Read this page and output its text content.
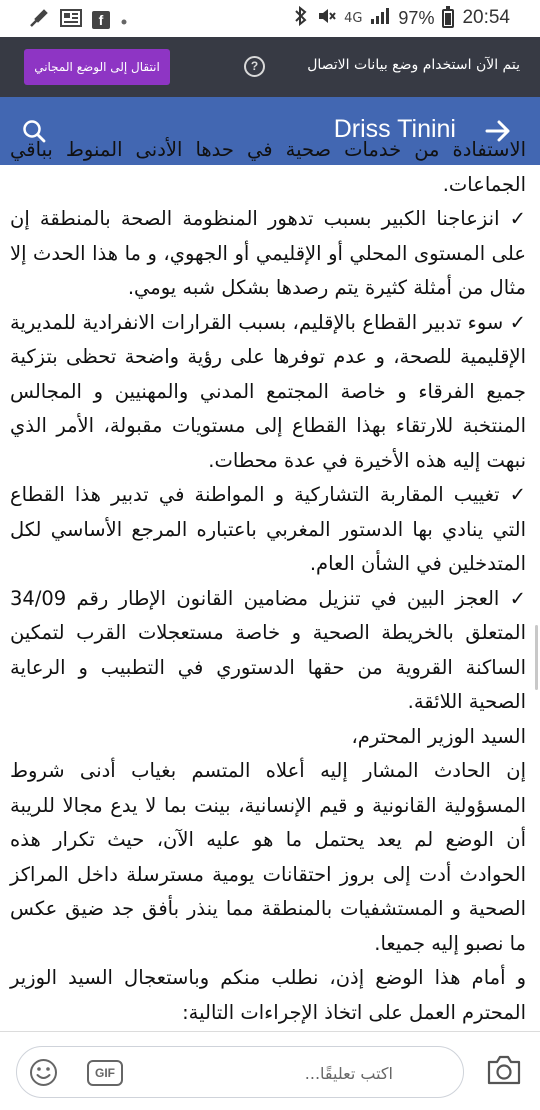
f	4G 97% 20:54
انتقال إلى الوضع المجاني	?	يتم الآن استخدام وضع بيانات الاتصال
Driss Tinini

الاستفادة من خدمات صحية في حدها الأدنى المنوط بباقي الجماعات.

✓ انزعاجنا الكبير بسبب تدهور المنظومة الصحة بالمنطقة إن على المستوى المحلي أو الإقليمي أو الجهوي، و ما هذا الحدث إلا مثال من أمثلة كثيرة يتم رصدها بشكل شبه يومي.

✓ سوء تدبير القطاع بالإقليم، بسبب القرارات الانفرادية للمديرية الإقليمية للصحة، و عدم توفرها على رؤية واضحة تحظى بتزكية جميع الفرقاء و خاصة المجتمع المدني والمهنيين و المجالس المنتخبة للارتقاء بهذا القطاع إلى مستويات مقبولة، الأمر الذي نبهت إليه هذه الأخيرة في عدة محطات.

✓ تغييب المقاربة التشاركية و المواطنة في تدبير هذا القطاع التي ينادي بها الدستور المغربي باعتباره المرجع الأساسي لكل المتدخلين في الشأن العام.

✓ العجز البين في تنزيل مضامين القانون الإطار رقم 34/09 المتعلق بالخريطة الصحية و خاصة مستعجلات القرب لتمكين الساكنة القروية من حقها الدستوري في التطبيب و الرعاية الصحية اللائقة.

السيد الوزير المحترم،

إن الحادث المشار إليه أعلاه المتسم بغياب أدنى شروط المسؤولية القانونية و قيم الإنسانية، بينت بما لا يدع مجالا للريبة أن الوضع لم يعد يحتمل ما هو عليه الآن، حيث تكرار هذه الحوادث أدت إلى بروز احتقانات يومية مسترسلة داخل المراكز الصحية و المستشفيات بالمنطقة مما ينذر بأفق جد ضيق عكس ما نصبو إليه جميعا.

و أمام هذا الوضع إذن، نطلب منكم وباستعجال السيد الوزير المحترم العمل على اتخاذ الإجراءات التالية:

اكتب تعليقًا...
GIF
